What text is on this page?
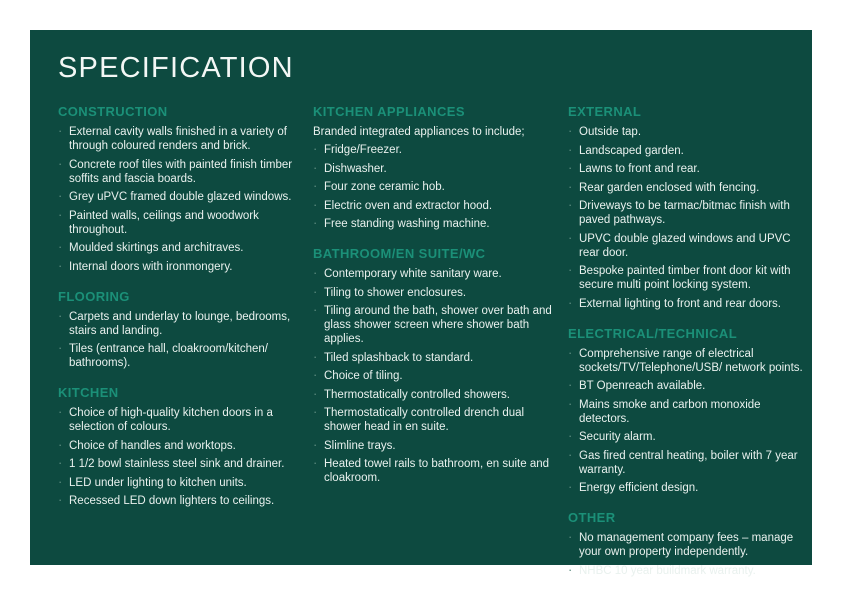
SPECIFICATION
CONSTRUCTION
· External cavity walls finished in a variety of through coloured renders and brick.
· Concrete roof tiles with painted finish timber soffits and fascia boards.
· Grey uPVC framed double glazed windows.
· Painted walls, ceilings and woodwork throughout.
· Moulded skirtings and architraves.
· Internal doors with ironmongery.
FLOORING
· Carpets and underlay to lounge, bedrooms, stairs and landing.
· Tiles (entrance hall, cloakroom/kitchen/ bathrooms).
KITCHEN
· Choice of high-quality kitchen doors in a selection of colours.
· Choice of handles and worktops.
· 1 1/2 bowl stainless steel sink and drainer.
· LED under lighting to kitchen units.
· Recessed LED down lighters to ceilings.
KITCHEN APPLIANCES

Branded integrated appliances to include;

· Fridge/Freezer.
· Dishwasher.
· Four zone ceramic hob.
· Electric oven and extractor hood.
· Free standing washing machine.
BATHROOM/EN SUITE/WC
· Contemporary white sanitary ware.
· Tiling to shower enclosures.
· Tiling around the bath, shower over bath and glass shower screen where shower bath applies.
· Tiled splashback to standard.
· Choice of tiling.
· Thermostatically controlled showers.
· Thermostatically controlled drench dual shower head in en suite.
· Slimline trays.
· Heated towel rails to bathroom, en suite and cloakroom.
EXTERNAL
· Outside tap.
· Landscaped garden.
· Lawns to front and rear.
· Rear garden enclosed with fencing.
· Driveways to be tarmac/bitmac finish with paved pathways.
· UPVC double glazed windows and UPVC rear door.
· Bespoke painted timber front door kit with secure multi point locking system.
· External lighting to front and rear doors.
ELECTRICAL/TECHNICAL
· Comprehensive range of electrical sockets/TV/Telephone/USB/ network points.
· BT Openreach available.
· Mains smoke and carbon monoxide detectors.
· Security alarm.
· Gas fired central heating, boiler with 7 year warranty.
· Energy efficient design.
OTHER
· No management company fees – manage your own property independently.
· NHBC 10 year buildmark warranty.
